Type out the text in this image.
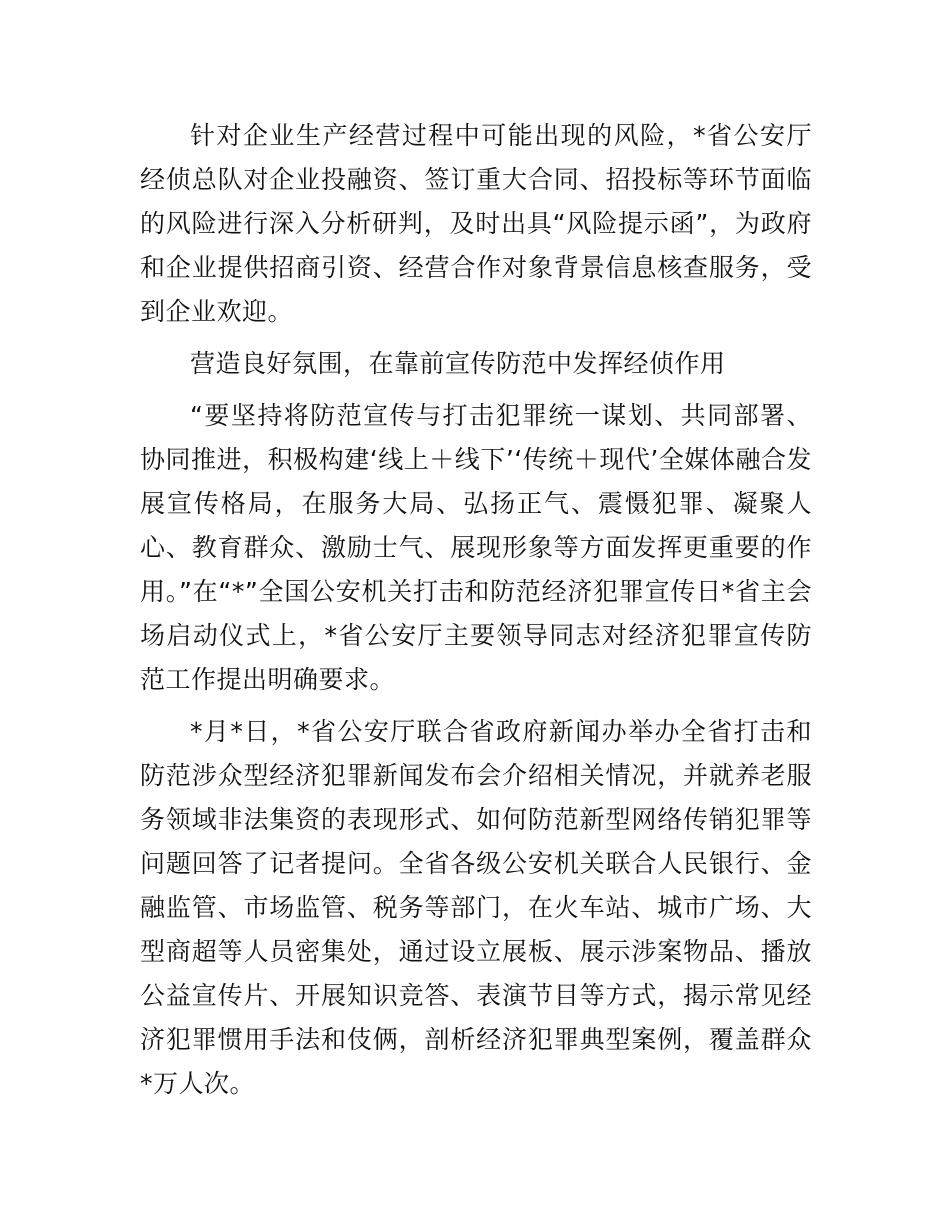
针对企业生产经营过程中可能出现的风险，*省公安厅经侦总队对企业投融资、签订重大合同、招投标等环节面临的风险进行深入分析研判，及时出具“风险提示函”，为政府和企业提供招商引资、经营合作对象背景信息核查服务，受到企业欢迎。

营造良好氛围，在靠前宣传防范中发挥经侦作用

“要坚持将防范宣传与打击犯罪统一谋划、共同部署、协同推进，积极构建‘线上＋线下’‘传统＋现代’全媒体融合发展宣传格局，在服务大局、弘扬正气、震慑犯罪、凝聚人心、教育群众、激励士气、展现形象等方面发挥更重要的作用。”在“*”全国公安机关打击和防范经济犯罪宣传日*省主会场启动仪式上，*省公安厅主要领导同志对经济犯罪宣传防范工作提出明确要求。

*月*日，*省公安厅联合省政府新闻办举办全省打击和防范涉众型经济犯罪新闻发布会介绍相关情况，并就养老服务领域非法集资的表现形式、如何防范新型网络传销犯罪等问题回答了记者提问。全省各级公安机关联合人民银行、金融监管、市场监管、税务等部门，在火车站、城市广场、大型商超等人员密集处，通过设立展板、展示涉案物品、播放公益宣传片、开展知识竞答、表演节目等方式，揭示常见经济犯罪惯用手法和伎俩，剖析经济犯罪典型案例，覆盖群众*万人次。
